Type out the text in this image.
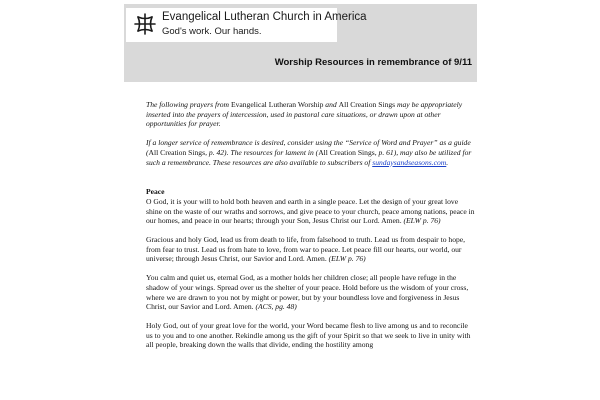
Evangelical Lutheran Church in America
God's work. Our hands.
Worship Resources in remembrance of 9/11

The following prayers from Evangelical Lutheran Worship and All Creation Sings may be appropriately inserted into the prayers of intercession, used in pastoral care situations, or drawn upon at other opportunities for prayer.

If a longer service of remembrance is desired, consider using the “Service of Word and Prayer” as a guide (All Creation Sings, p. 42). The resources for lament in (All Creation Sings, p. 61), may also be utilized for such a remembrance. These resources are also available to subscribers of sundaysandseasons.com.

Peace

O God, it is your will to hold both heaven and earth in a single peace. Let the design of your great love shine on the waste of our wraths and sorrows, and give peace to your church, peace among nations, peace in our homes, and peace in our hearts; through your Son, Jesus Christ our Lord. Amen. (ELW p. 76)

Gracious and holy God, lead us from death to life, from falsehood to truth. Lead us from despair to hope, from fear to trust. Lead us from hate to love, from war to peace. Let peace fill our hearts, our world, our universe; through Jesus Christ, our Savior and Lord. Amen. (ELW p. 76)

You calm and quiet us, eternal God, as a mother holds her children close; all people have refuge in the shadow of your wings. Spread over us the shelter of your peace. Hold before us the wisdom of your cross, where we are drawn to you not by might or power, but by your boundless love and forgiveness in Jesus Christ, our Savior and Lord. Amen. (ACS, pg. 48)

Holy God, out of your great love for the world, your Word became flesh to live among us and to reconcile us to you and to one another. Rekindle among us the gift of your Spirit so that we seek to live in unity with all people, breaking down the walls that divide, ending the hostility among
